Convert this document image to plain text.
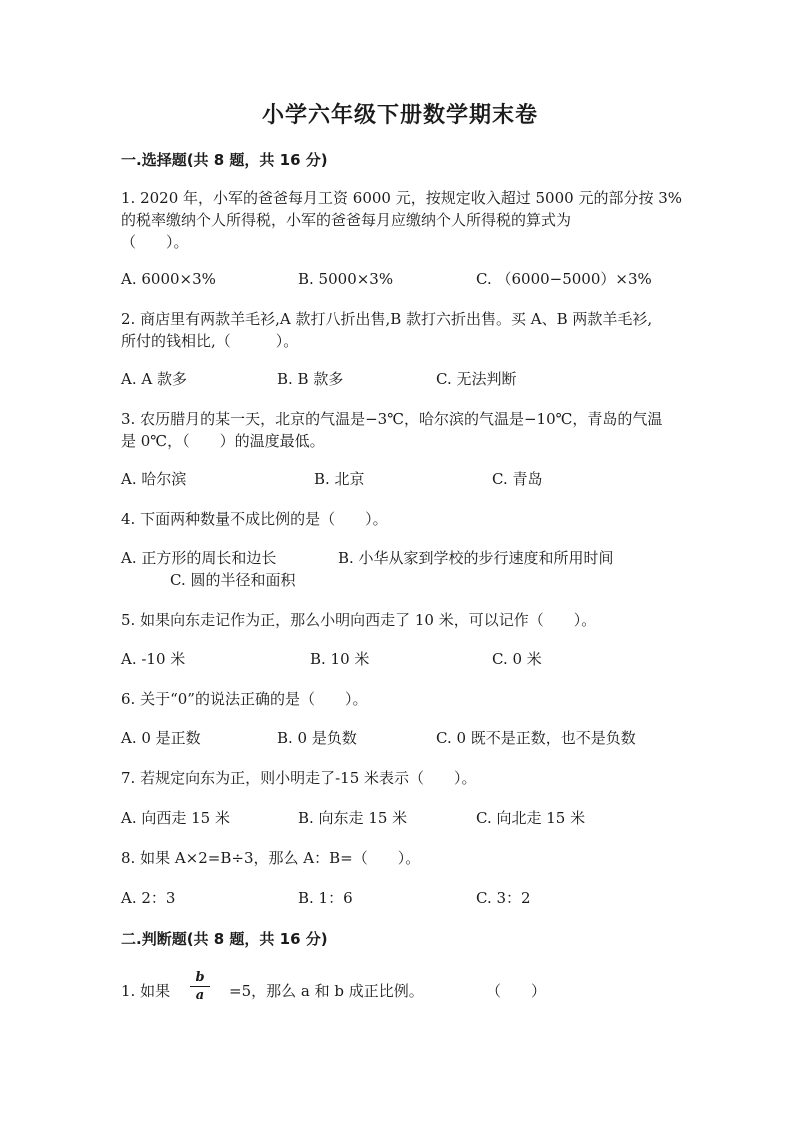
小学六年级下册数学期末卷
一.选择题(共 8 题，共 16 分)
1. 2020 年，小军的爸爸每月工资 6000 元，按规定收入超过 5000 元的部分按 3%
的税率缴纳个人所得税，小军的爸爸每月应缴纳个人所得税的算式为
（　　）。
A. 6000×3%	B. 5000×3%	C. （6000−5000）×3%
2. 商店里有两款羊毛衫,A 款打八折出售,B 款打六折出售。买 A、B 两款羊毛衫,
所付的钱相比,（　　　）。
A. A 款多	B. B 款多	C. 无法判断
3. 农历腊月的某一天，北京的气温是−3℃，哈尔滨的气温是−10℃，青岛的气温
是 0℃，（　　）的温度最低。
A. 哈尔滨	B. 北京	C. 青岛
4. 下面两种数量不成比例的是（　　）。
A. 正方形的周长和边长	B. 小华从家到学校的步行速度和所用时间
C. 圆的半径和面积
5. 如果向东走记作为正，那么小明向西走了 10 米，可以记作（　　）。
A. -10 米	B. 10 米	C. 0 米
6. 关于“0”的说法正确的是（　　）。
A. 0 是正数	B. 0 是负数	C. 0 既不是正数，也不是负数
7. 若规定向东为正，则小明走了-15 米表示（　　）。
A. 向西走 15 米	B. 向东走 15 米	C. 向北走 15 米
8. 如果 A×2=B÷3，那么 A：B=（　　）。
A. 2：3	B. 1：6	C. 3：2
二.判断题(共 8 题，共 16 分)
1. 如果
b
a	=5，那么 a 和 b 成正比例。	（　　）
